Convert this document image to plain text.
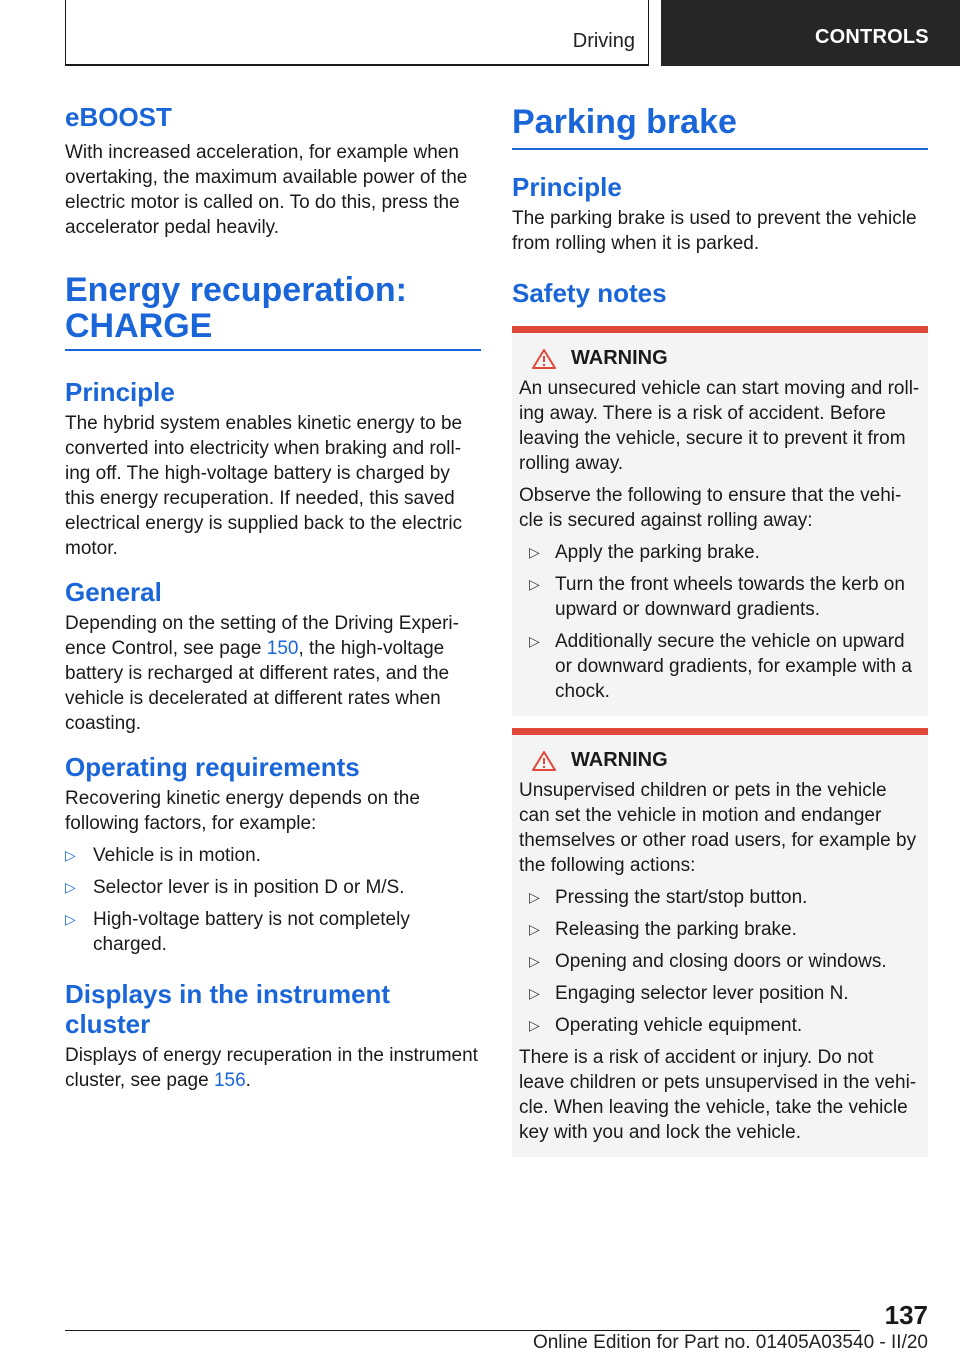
Driving	CONTROLS
eBOOST

With increased acceleration, for example when overtaking, the maximum available power of the electric motor is called on. To do this, press the accelerator pedal heavily.

Energy recuperation:
CHARGE
Principle

The hybrid system enables kinetic energy to be converted into electricity when braking and roll‐ing off. The high-voltage battery is charged by this energy recuperation. If needed, this saved electrical energy is supplied back to the electric motor.

General

Depending on the setting of the Driving Experi‐ence Control, see page 150, the high-voltage battery is recharged at different rates, and the vehicle is decelerated at different rates when coasting.

Operating requirements

Recovering kinetic energy depends on the following factors, for example:

▷ Vehicle is in motion.
▷ Selector lever is in position D or M/S.
▷ High-voltage battery is not completely charged.
Displays in the instrument
cluster

Displays of energy recuperation in the instrument cluster, see page 156.

Parking brake
Principle

The parking brake is used to prevent the vehicle from rolling when it is parked.

Safety notes
WARNING

An unsecured vehicle can start moving and roll‐ing away. There is a risk of accident. Before leaving the vehicle, secure it to prevent it from rolling away.

Observe the following to ensure that the vehi‐cle is secured against rolling away:

▷ Apply the parking brake.
▷ Turn the front wheels towards the kerb on upward or downward gradients.
▷ Additionally secure the vehicle on upward or downward gradients, for example with a chock.
WARNING

Unsupervised children or pets in the vehicle can set the vehicle in motion and endanger themselves or other road users, for example by the following actions:

▷ Pressing the start/stop button.
▷ Releasing the parking brake.
▷ Opening and closing doors or windows.
▷ Engaging selector lever position N.
▷ Operating vehicle equipment.

There is a risk of accident or injury. Do not leave children or pets unsupervised in the vehi‐cle. When leaving the vehicle, take the vehicle key with you and lock the vehicle.

137
Online Edition for Part no. 01405A03540 - II/20
